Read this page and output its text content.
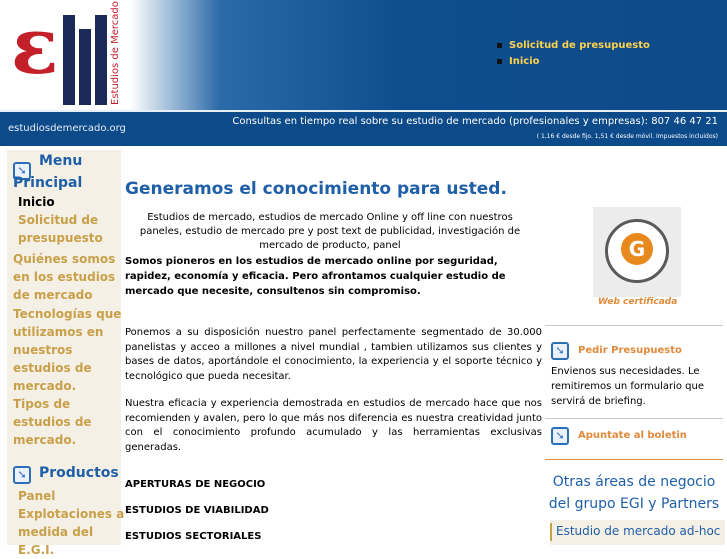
ε	Estudios de Mercado	Solicitud de presupuesto
Inicio
estudiosdemercado.org
Consultas en tiempo real sobre su estudio de mercado (profesionales y empresas): 807 46 47 21
( 1,16 € desde fijo. 1,51 € desde móvil. Impuestos incluidos)
➘
Menu
Principal
Inicio
Solicitud de presupuesto
Quiénes somos en los estudios de mercado
Tecnologías que utilizamos en nuestros estudios de mercado.
Tipos de estudios de mercado.
➘ Productos
Panel
Explotaciones a medida del E.G.I.
Generamos el conocimiento para usted.
Estudios de mercado, estudios de mercado Online y off line con nuestros paneles, estudio de mercado pre y post text de publicidad, investigación de mercado de producto, panel
Somos pioneros en los estudios de mercado online por seguridad, rapidez, economía y eficacia. Pero afrontamos cualquier estudio de mercado que necesite, consultenos sin compromiso.
Ponemos a su disposición nuestro panel perfectamente segmentado de 30.000 panelistas y acceo a millones a nivel mundial , tambien utilizamos sus clientes y bases de datos, aportándole el conocimiento, la experiencia y el soporte técnico y tecnológico que pueda necesitar.
Nuestra eficacia y experiencia demostrada en estudios de mercado hace que nos recomienden y avalen, pero lo que más nos diferencia es nuestra creatividad junto con el conocimiento profundo acumulado y las herramientas exclusivas generadas.
APERTURAS DE NEGOCIO
ESTUDIOS DE VIABILIDAD
ESTUDIOS SECTORIALES
G
Web certificada
➘	Pedir Presupuesto
Envienos sus necesidades. Le remitiremos un formulario que servirá de briefing.
➘	Apuntate al boletin
Otras áreas de negocio del grupo EGI y Partners
Estudio de mercado ad-hoc
